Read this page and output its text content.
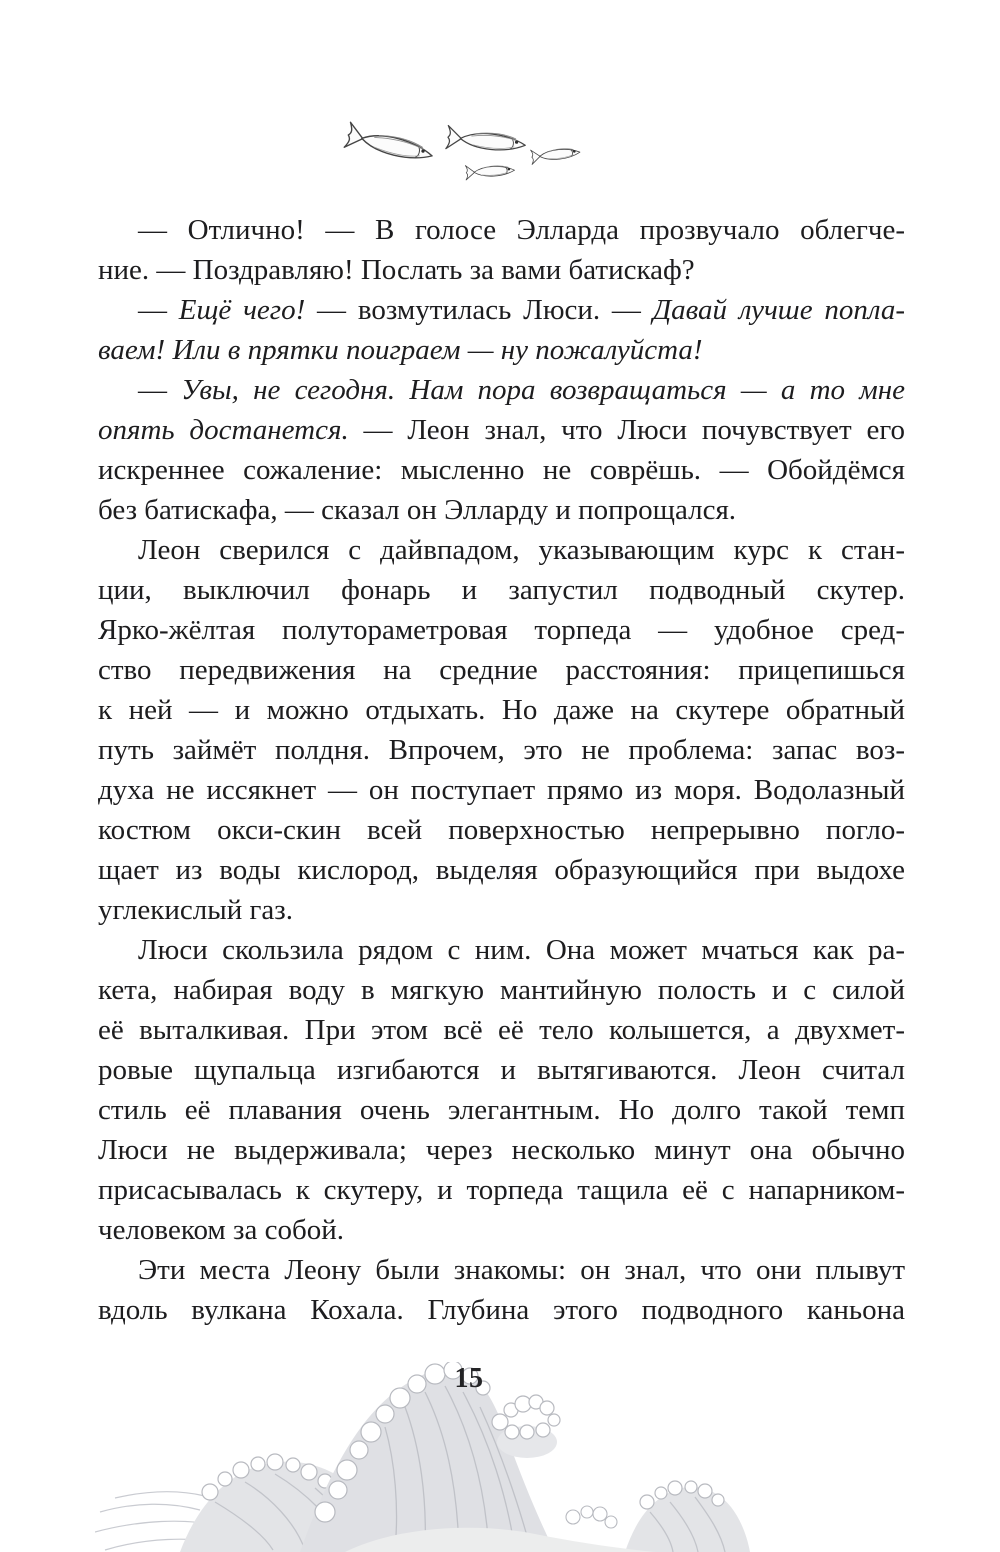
— Отлично! — В голосе Элларда прозвучало облегче-
ние. — Поздравляю! Послать за вами батискаф?
— Ещё чего! — возмутилась Люси. — Давай лучше попла-
ваем! Или в прятки поиграем — ну пожалуйста!
— Увы, не сегодня. Нам пора возвращаться — а то мне
опять достанется. — Леон знал, что Люси почувствует его
искреннее сожаление: мысленно не соврёшь. — Обойдёмся
без батискафа, — сказал он Элларду и попрощался.
Леон сверился с дайвпадом, указывающим курс к стан-
ции, выключил фонарь и запустил подводный скутер.
Ярко-жёлтая полутораметровая торпеда — удобное сред-
ство передвижения на средние расстояния: прицепишься
к ней — и можно отдыхать. Но даже на скутере обратный
путь займёт полдня. Впрочем, это не проблема: запас воз-
духа не иссякнет — он поступает прямо из моря. Водолазный
костюм окси-скин всей поверхностью непрерывно погло-
щает из воды кислород, выделяя образующийся при выдохе
углекислый газ.
Люси скользила рядом с ним. Она может мчаться как ра-
кета, набирая воду в мягкую мантийную полость и с силой
её выталкивая. При этом всё её тело колышется, а двухмет-
ровые щупальца изгибаются и вытягиваются. Леон считал
стиль её плавания очень элегантным. Но долго такой темп
Люси не выдерживала; через несколько минут она обычно
присасывалась к скутеру, и торпеда тащила её с напарником-
человеком за собой.
Эти места Леону были знакомы: он знал, что они плывут
вдоль вулкана Кохала. Глубина этого подводного каньона
15
